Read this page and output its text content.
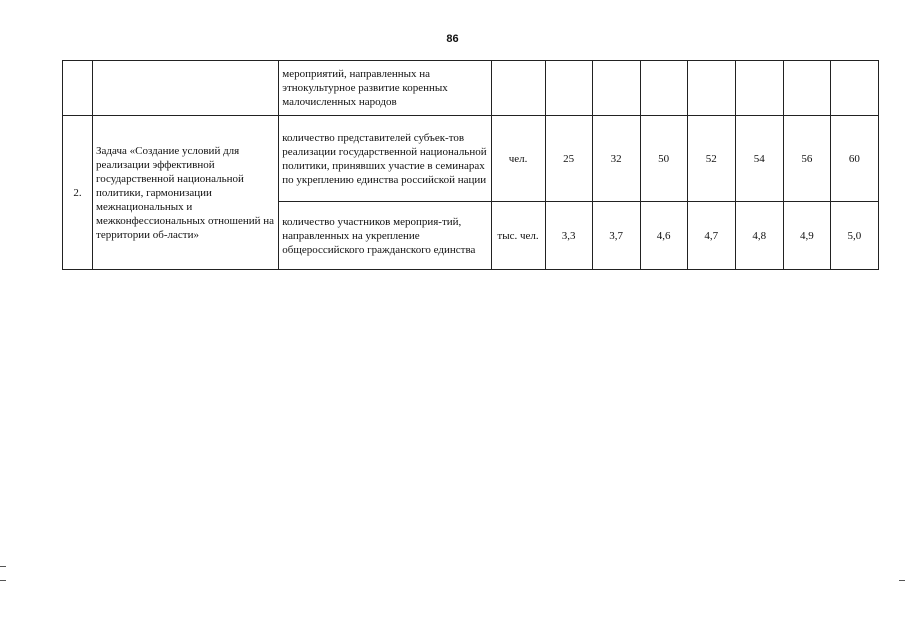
86
		мероприятий, направленных на этнокультурное развитие коренных малочисленных народов								
2.	Задача «Создание условий для реализации эффективной государственной национальной политики, гармонизации межнациональных и межконфессиональных отношений на территории об-ласти»	количество представителей субъек-тов реализации государственной национальной политики, принявших участие в семинарах по укреплению единства российской нации	чел.	25	32	50	52	54	56	60
		количество участников мероприя-тий, направленных на укрепление общероссийского гражданского единства	тыс. чел.	3,3	3,7	4,6	4,7	4,8	4,9	5,0
